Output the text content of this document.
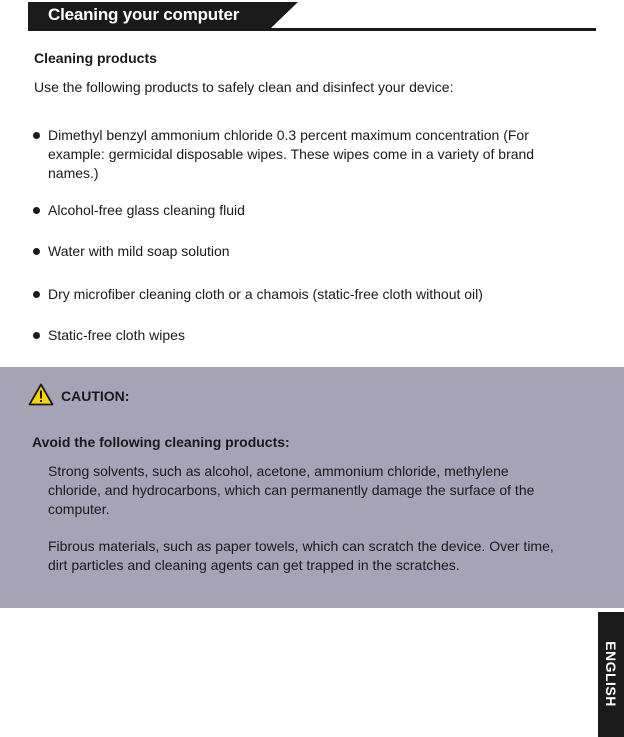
Cleaning your computer
Cleaning products

Use the following products to safely clean and disinfect your device:

Dimethyl benzyl ammonium chloride 0.3 percent maximum concentration (For example: germicidal disposable wipes. These wipes come in a variety of brand names.)
Alcohol-free glass cleaning fluid
Water with mild soap solution
Dry microfiber cleaning cloth or a chamois (static-free cloth without oil)
Static-free cloth wipes
CAUTION:
Avoid the following cleaning products:
Strong solvents, such as alcohol, acetone, ammonium chloride, methylene chloride, and hydrocarbons, which can permanently damage the surface of the computer.
Fibrous materials, such as paper towels, which can scratch the device. Over time, dirt particles and cleaning agents can get trapped in the scratches.
ENGLISH
